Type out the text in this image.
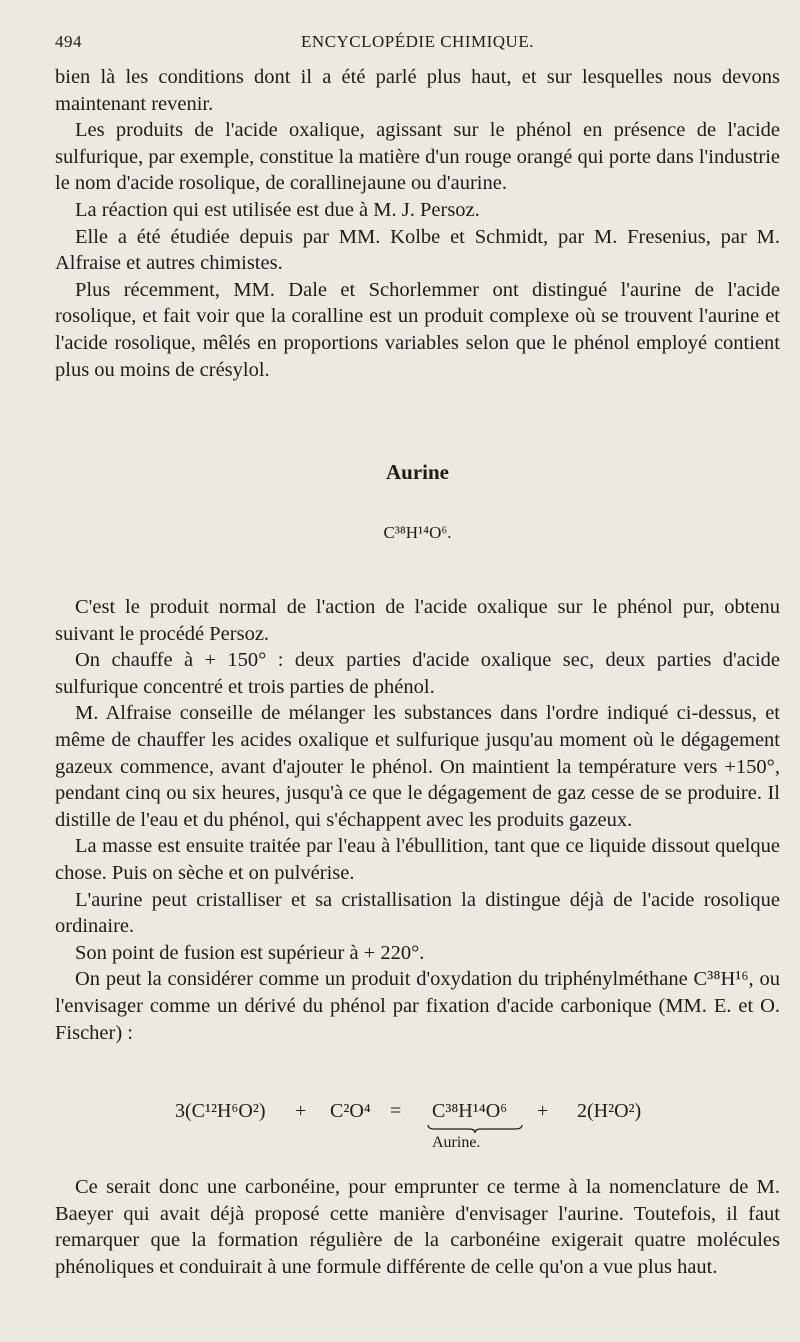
494	ENCYCLOPÉDIE CHIMIQUE.

bien là les conditions dont il a été parlé plus haut, et sur lesquelles nous devons maintenant revenir.

Les produits de l'acide oxalique, agissant sur le phénol en présence de l'acide sulfurique, par exemple, constitue la matière d'un rouge orangé qui porte dans l'industrie le nom d'acide rosolique, de corallinejaune ou d'aurine.

La réaction qui est utilisée est due à M. J. Persoz.

Elle a été étudiée depuis par MM. Kolbe et Schmidt, par M. Fresenius, par M. Alfraise et autres chimistes.

Plus récemment, MM. Dale et Schorlemmer ont distingué l'aurine de l'acide rosolique, et fait voir que la coralline est un produit complexe où se trouvent l'aurine et l'acide rosolique, mêlés en proportions variables selon que le phénol employé contient plus ou moins de crésylol.

Aurine
C³⁸H¹⁴O⁶.

C'est le produit normal de l'action de l'acide oxalique sur le phénol pur, obtenu suivant le procédé Persoz.

On chauffe à + 150° : deux parties d'acide oxalique sec, deux parties d'acide sulfurique concentré et trois parties de phénol.

M. Alfraise conseille de mélanger les substances dans l'ordre indiqué ci-dessus, et même de chauffer les acides oxalique et sulfurique jusqu'au moment où le dégagement gazeux commence, avant d'ajouter le phénol. On maintient la température vers +150°, pendant cinq ou six heures, jusqu'à ce que le dégagement de gaz cesse de se produire. Il distille de l'eau et du phénol, qui s'échappent avec les produits gazeux.

La masse est ensuite traitée par l'eau à l'ébullition, tant que ce liquide dissout quelque chose. Puis on sèche et on pulvérise.

L'aurine peut cristalliser et sa cristallisation la distingue déjà de l'acide rosolique ordinaire.

Son point de fusion est supérieur à + 220°.

On peut la considérer comme un produit d'oxydation du triphénylméthane C³⁸H¹⁶, ou l'envisager comme un dérivé du phénol par fixation d'acide carbonique (MM. E. et O. Fischer) :

3(C¹²H⁶O²) + C²O⁴ = C³⁸H¹⁴O⁶ + 2(H²O²)
Aurine.

Ce serait donc une carbonéine, pour emprunter ce terme à la nomenclature de M. Baeyer qui avait déjà proposé cette manière d'envisager l'aurine. Toutefois, il faut remarquer que la formation régulière de la carbonéine exigerait quatre molécules phénoliques et conduirait à une formule différente de celle qu'on a vue plus haut.
